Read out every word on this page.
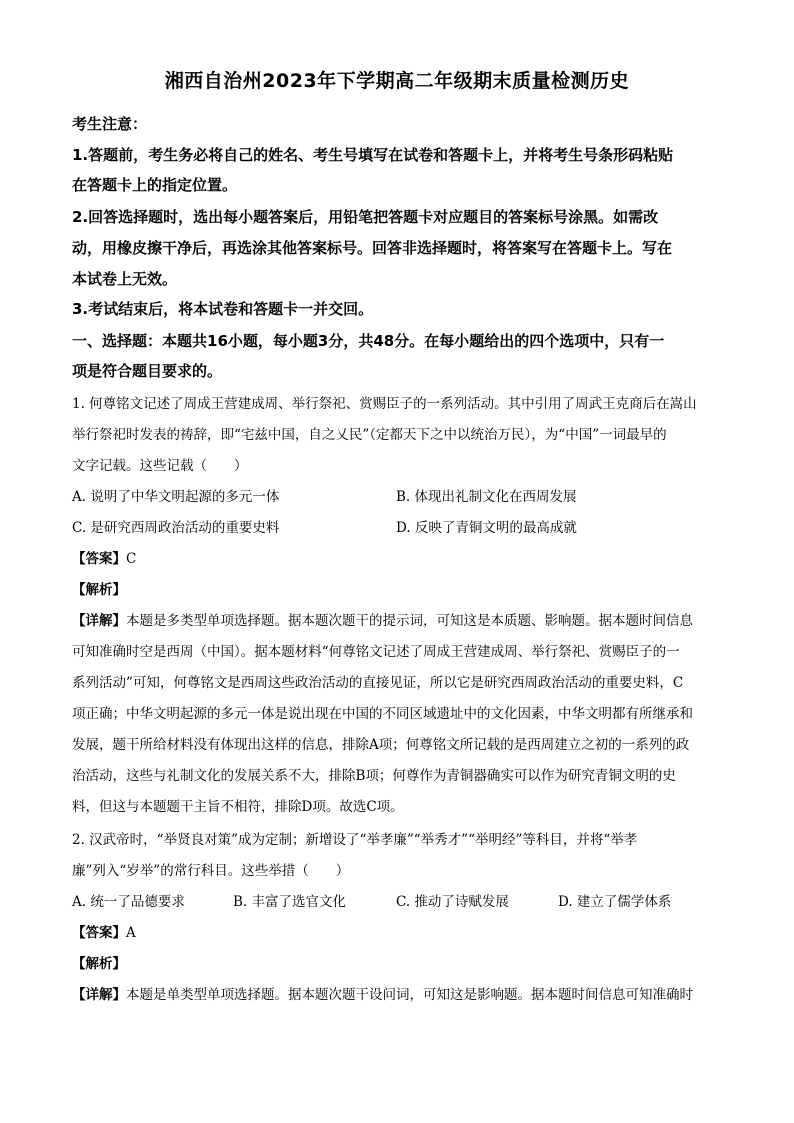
湘西自治州2023年下学期高二年级期末质量检测历史
考生注意：
1.答题前，考生务必将自己的姓名、考生号填写在试卷和答题卡上，并将考生号条形码粘贴
在答题卡上的指定位置。
2.回答选择题时，选出每小题答案后，用铅笔把答题卡对应题目的答案标号涂黑。如需改
动，用橡皮擦干净后，再选涂其他答案标号。回答非选择题时，将答案写在答题卡上。写在
本试卷上无效。
3.考试结束后，将本试卷和答题卡一并交回。
一、选择题：本题共16小题，每小题3分，共48分。在每小题给出的四个选项中，只有一
项是符合题目要求的。
1. 何尊铭文记述了周成王营建成周、举行祭祀、赏赐臣子的一系列活动。其中引用了周武王克商后在嵩山
举行祭祀时发表的祷辞，即“宅兹中国，自之乂民”（定都天下之中以统治万民），为“中国”一词最早的
文字记载。这些记载（　　）
A. 说明了中华文明起源的多元一体	B. 体现出礼制文化在西周发展
C. 是研究西周政治活动的重要史料	D. 反映了青铜文明的最高成就
【答案】C
【解析】
【详解】本题是多类型单项选择题。据本题次题干的提示词，可知这是本质题、影响题。据本题时间信息
可知准确时空是西周（中国）。据本题材料“何尊铭文记述了周成王营建成周、举行祭祀、赏赐臣子的一
系列活动”可知，何尊铭文是西周这些政治活动的直接见证，所以它是研究西周政治活动的重要史料，C
项正确；中华文明起源的多元一体是说出现在中国的不同区域遗址中的文化因素，中华文明都有所继承和
发展，题干所给材料没有体现出这样的信息，排除A项；何尊铭文所记载的是西周建立之初的一系列的政
治活动，这些与礼制文化的发展关系不大，排除B项；何尊作为青铜器确实可以作为研究青铜文明的史
料，但这与本题题干主旨不相符，排除D项。故选C项。
2. 汉武帝时，“举贤良对策”成为定制；新增设了“举孝廉”“举秀才”“举明经”等科目，并将“举孝
廉”列入“岁举”的常行科目。这些举措（　　）
A. 统一了品德要求	B. 丰富了选官文化	C. 推动了诗赋发展	D. 建立了儒学体系
【答案】A
【解析】
【详解】本题是单类型单项选择题。据本题次题干设问词，可知这是影响题。据本题时间信息可知准确时
